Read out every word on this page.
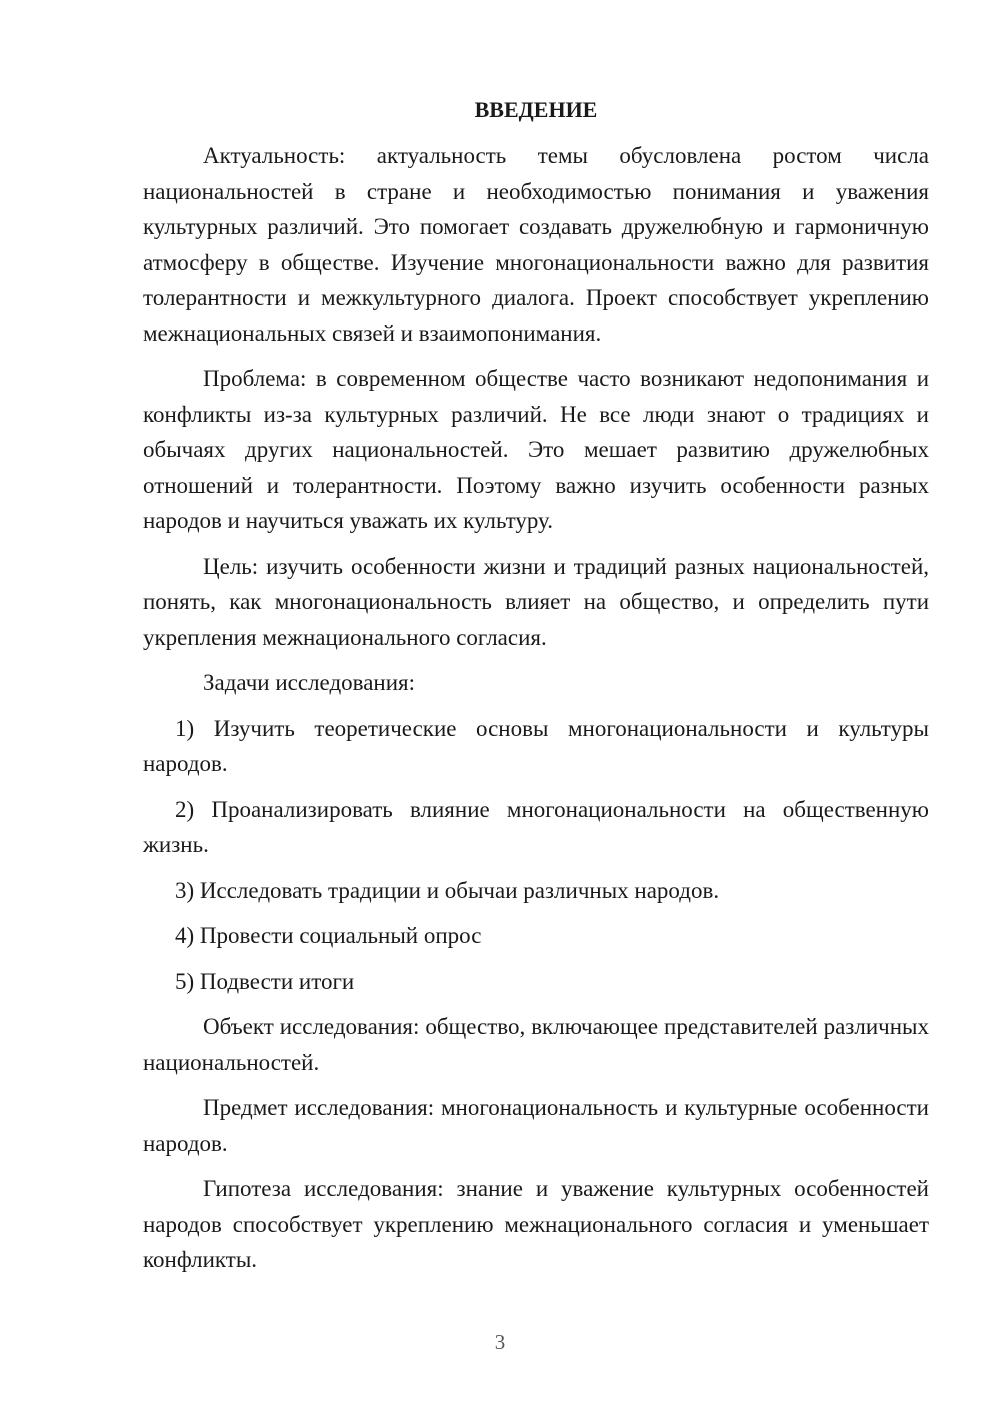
ВВЕДЕНИЕ

Актуальность: актуальность темы обусловлена ростом числа национальностей в стране и необходимостью понимания и уважения культурных различий. Это помогает создавать дружелюбную и гармоничную атмосферу в обществе. Изучение многонациональности важно для развития толерантности и межкультурного диалога. Проект способствует укреплению межнациональных связей и взаимопонимания.

Проблема: в современном обществе часто возникают недопонимания и конфликты из-за культурных различий. Не все люди знают о традициях и обычаях других национальностей. Это мешает развитию дружелюбных отношений и толерантности. Поэтому важно изучить особенности разных народов и научиться уважать их культуру.

Цель: изучить особенности жизни и традиций разных национальностей, понять, как многонациональность влияет на общество, и определить пути укрепления межнационального согласия.

Задачи исследования:

1) Изучить теоретические основы многонациональности и культуры народов.

2) Проанализировать влияние многонациональности на общественную жизнь.

3) Исследовать традиции и обычаи различных народов.

4) Провести социальный опрос

5) Подвести итоги

Объект исследования: общество, включающее представителей различных национальностей.

Предмет исследования: многонациональность и культурные особенности народов.

Гипотеза исследования: знание и уважение культурных особенностей народов способствует укреплению межнационального согласия и уменьшает конфликты.

3
